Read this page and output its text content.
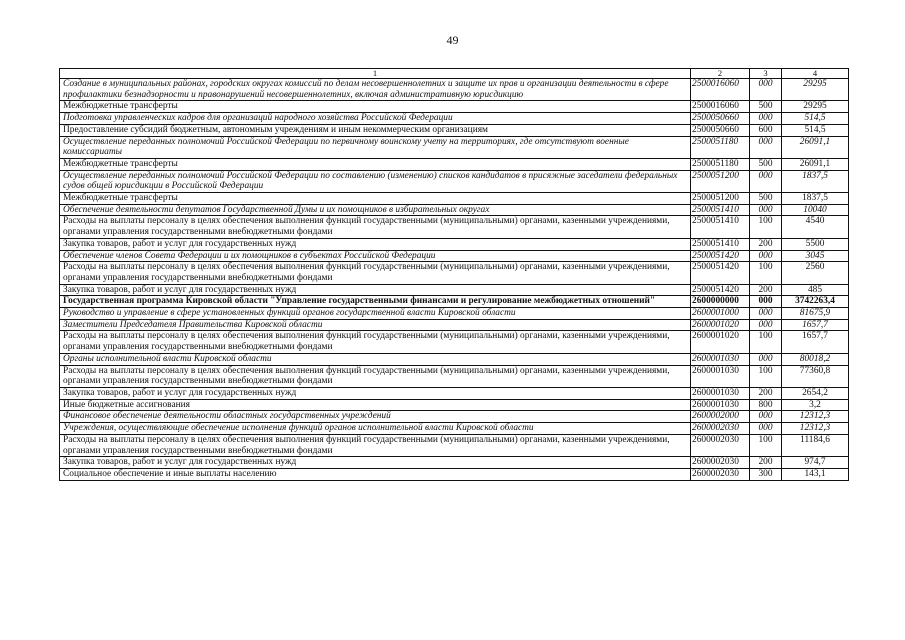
49
1	2	3	4
Создание в муниципальных районах, городских округах комиссий по делам несовершеннолетних и защите их прав и организации деятельности в сфере профилактики безнадзорности и правонарушений несовершеннолетних, включая административную юрисдикцию	2500016060	000	29295
Межбюджетные трансферты	2500016060	500	29295
Подготовка управленческих кадров для организаций народного хозяйства Российской Федерации	2500050660	000	514,5
Предоставление субсидий бюджетным, автономным учреждениям и иным некоммерческим организациям	2500050660	600	514,5
Осуществление переданных полномочий Российской Федерации по первичному воинскому учету на территориях, где отсутствуют военные комиссариаты	2500051180	000	26091,1
Межбюджетные трансферты	2500051180	500	26091,1
Осуществление переданных полномочий Российской Федерации по составлению (изменению) списков кандидатов в присяжные заседатели федеральных судов общей юрисдикции в Российской Федерации	2500051200	000	1837,5
Межбюджетные трансферты	2500051200	500	1837,5
Обеспечение деятельности депутатов Государственной Думы и их помощников в избирательных округах	2500051410	000	10040
Расходы на выплаты персоналу в целях обеспечения выполнения функций государственными (муниципальными) органами, казенными учреждениями, органами управления государственными внебюджетными фондами	2500051410	100	4540
Закупка товаров, работ и услуг для государственных нужд	2500051410	200	5500
Обеспечение членов Совета Федерации и их помощников в субъектах Российской Федерации	2500051420	000	3045
Расходы на выплаты персоналу в целях обеспечения выполнения функций государственными (муниципальными) органами, казенными учреждениями, органами управления государственными внебюджетными фондами	2500051420	100	2560
Закупка товаров, работ и услуг для государственных нужд	2500051420	200	485
Государственная программа Кировской области "Управление государственными финансами и регулирование межбюджетных отношений"	2600000000	000	3742263,4
Руководство и управление в сфере установленных функций органов государственной власти Кировской области	2600001000	000	81675,9
Заместители Председателя Правительства Кировской области	2600001020	000	1657,7
Расходы на выплаты персоналу в целях обеспечения выполнения функций государственными (муниципальными) органами, казенными учреждениями, органами управления государственными внебюджетными фондами	2600001020	100	1657,7
Органы исполнительной власти Кировской области	2600001030	000	80018,2
Расходы на выплаты персоналу в целях обеспечения выполнения функций государственными (муниципальными) органами, казенными учреждениями, органами управления государственными внебюджетными фондами	2600001030	100	77360,8
Закупка товаров, работ и услуг для государственных нужд	2600001030	200	2654,2
Иные бюджетные ассигнования	2600001030	800	3,2
Финансовое обеспечение деятельности областных государственных учреждений	2600002000	000	12312,3
Учреждения, осуществляющие обеспечение исполнения функций органов исполнительной власти Кировской области	2600002030	000	12312,3
Расходы на выплаты персоналу в целях обеспечения выполнения функций государственными (муниципальными) органами, казенными учреждениями, органами управления государственными внебюджетными фондами	2600002030	100	11184,6
Закупка товаров, работ и услуг для государственных нужд	2600002030	200	974,7
Социальное обеспечение и иные выплаты населению	2600002030	300	143,1
